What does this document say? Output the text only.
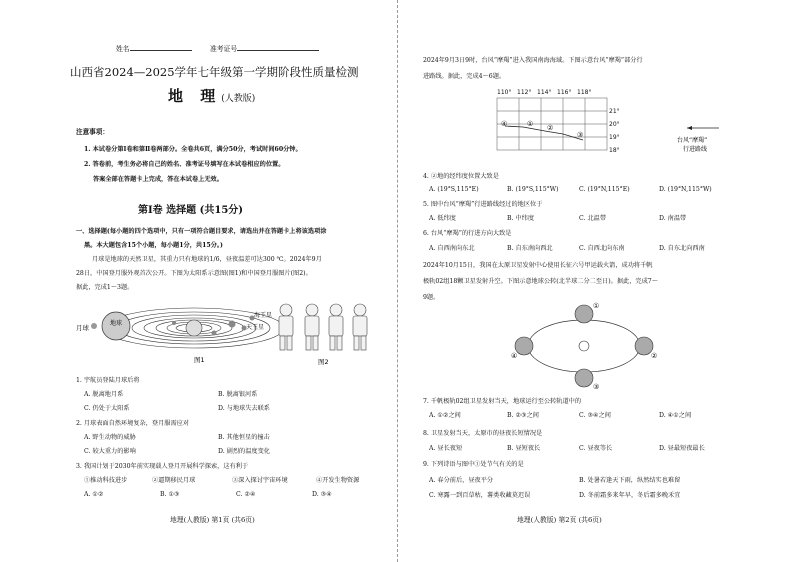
姓名	准考证号
山西省2024—2025学年七年级第一学期阶段性质量检测
地 理(人教版)
注意事项：
1. 本试卷分第Ⅰ卷和第Ⅱ卷两部分。全卷共6页，满分50分，考试时间60分钟。
2. 答卷前，考生务必将自己的姓名、准考证号填写在本试卷相应的位置。
答案全部在答题卡上完成，答在本试卷上无效。
第Ⅰ卷 选择题 (共15分)
一、选择题(每小题的四个选项中，只有一项符合题目要求，请选出并在答题卡上将该选项涂
黑。本大题包含15个小题，每小题1分，共15分。)
月球是地球的天然卫星，其重力只有地球的1/6，昼夜温差可达300 ℃。2024年9月
28日，中国登月服外观首次公开。下图为太阳系示意图(图1)和中国登月服图片(图2)。
据此，完成1～3题。
月球
地球
海王星
天王星
图1	图2
1. 宇航员登陆月球后将
A. 脱离地月系	B. 脱离银河系
C. 仍处于太阳系	D. 与地球失去联系
2. 月球表面自然环境复杂，登月服需应对
A. 野生动物的威胁	B. 其他恒星的撞击
C. 较大重力的影响	D. 剧烈的温度变化
3. 我国计划于2030年前实现载人登月开展科学探索，这有利于
①推动科技进步	②逼期移民月球	③深入探讨宇宙环境	④开发生物资源
A. ①②	B. ①③	C. ②④	D. ③④
地理(人教版) 第1页 (共6页)
2024年9月3日9时，台风“摩羯”进入我国南海海域。下图示意台风“摩羯”部分行
进路线。据此，完成4～6题。
110° 112° 114° 116° 118°
21°
20°
19°
18°
④	① ②
③
台风“摩羯”
行进路线
4. ②地的经纬度位置大致是
A. (19°S,115°E)	B. (19°S,115°W)	C. (19°N,115°E)	D. (19°N,115°W)
5. 图中台风“摩羯”行进路线经过的地区位于
A. 低纬度	B. 中纬度	C. 北温带	D. 南温带
6. 台风“摩羯”的行进方向大致是
A. 自西南向东北	B. 自东南向西北	C. 自西北向东南	D. 自东北向西南
2024年10月15日，我国在太原卫星发射中心使用长征六号甲运载火箭，成功将千帆
极轨02组18颗卫星发射升空。下图示意地球公转(北半球二分二至日)。据此，完成7～
9题。
①
②
③
④
7. 千帆极轨02组卫星发射当天，地球运行至公转轨道中的
A. ①②之间	B. ②③之间	C. ③④之间	D. ④①之间
8. 卫星发射当天，太原市的昼夜长短情况是
A. 昼长夜短	B. 昼短夜长	C. 昼夜等长	D. 昼最短夜最长
9. 下列诗语与图中①处节气有关的是
A. 春分前后，昼夜平分	B. 处暑若逢天下雨，纵然结实也难留
C. 寒露一到百草枯，薯类收藏莫迟误	D. 冬前霜多来年早，冬后霜多晚禾宜
地理(人教版) 第2页 (共6页)
